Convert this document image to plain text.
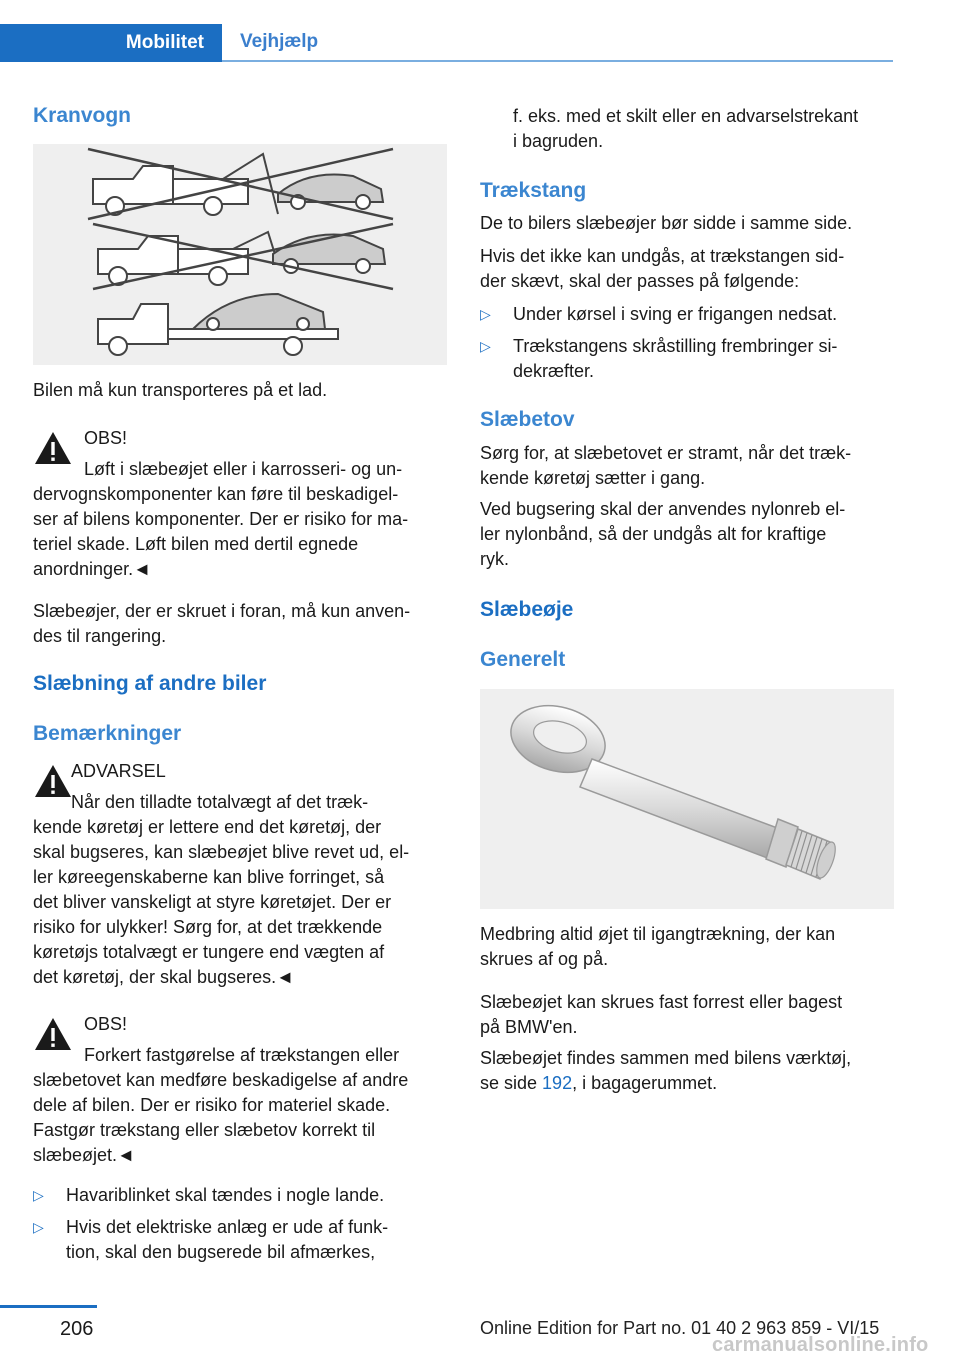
Mobilitet	Vejhjælp
Kranvogn

Bilen må kun transporteres på et lad.

OBS!

Løft i slæbeøjet eller i karrosseri- og un-

dervognskomponenter kan føre til beskadigel-

ser af bilens komponenter. Der er risiko for ma-

teriel skade. Løft bilen med dertil egnede

anordninger.◄

Slæbeøjer, der er skruet i foran, må kun anven-

des til rangering.

Slæbning af andre biler
Bemærkninger

ADVARSEL

Når den tilladte totalvægt af det træk-

kende køretøj er lettere end det køretøj, der

skal bugseres, kan slæbeøjet blive revet ud, el-

ler køreegenskaberne kan blive forringet, så

det bliver vanskeligt at styre køretøjet. Der er

risiko for ulykker! Sørg for, at det trækkende

køretøjs totalvægt er tungere end vægten af

det køretøj, der skal bugseres.◄

OBS!

Forkert fastgørelse af trækstangen eller

slæbetovet kan medføre beskadigelse af andre

dele af bilen. Der er risiko for materiel skade.

Fastgør trækstang eller slæbetov korrekt til

slæbeøjet.◄

▷ Havariblinket skal tændes i nogle lande.
▷ Hvis det elektriske anlæg er ude af funk-
tion, skal den bugserede bil afmærkes,

f. eks. med et skilt eller en advarselstrekant

i bagruden.

Trækstang

De to bilers slæbeøjer bør sidde i samme side.

Hvis det ikke kan undgås, at trækstangen sid-

der skævt, skal der passes på følgende:

▷ Under kørsel i sving er frigangen nedsat.
▷ Trækstangens skråstilling frembringer si-
dekræfter.
Slæbetov

Sørg for, at slæbetovet er stramt, når det træk-

kende køretøj sætter i gang.

Ved bugsering skal der anvendes nylonreb el-

ler nylonbånd, så der undgås alt for kraftige

ryk.

Slæbeøje
Generelt

Medbring altid øjet til igangtrækning, der kan

skrues af og på.

Slæbeøjet kan skrues fast forrest eller bagest

på BMW'en.

Slæbeøjet findes sammen med bilens værktøj,

se side 192, i bagagerummet.

206	Online Edition for Part no. 01 40 2 963 859 - VI/15
carmanualsonline.info
